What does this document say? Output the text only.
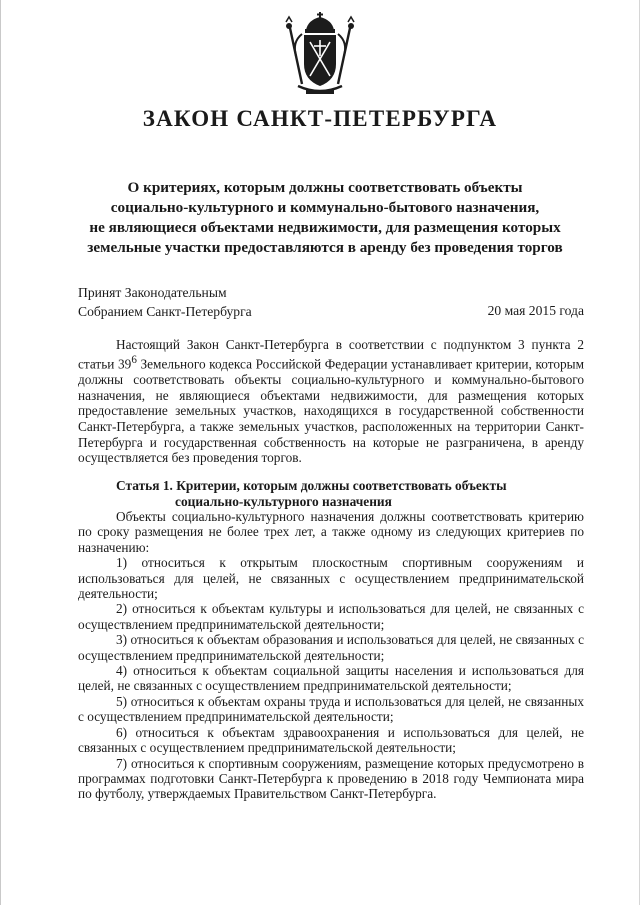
ЗАКОН САНКТ-ПЕТЕРБУРГА
О критериях, которым должны соответствовать объекты
социально-культурного и коммунально-бытового назначения,
не являющиеся объектами недвижимости, для размещения которых
земельные участки предоставляются в аренду без проведения торгов
Принят Законодательным
Собранием Санкт-Петербурга	20 мая 2015 года

Настоящий Закон Санкт-Петербурга в соответствии с подпунктом 3 пункта 2 статьи $39^6$ Земельного кодекса Российской Федерации устанавливает критерии, которым должны соответствовать объекты социально-культурного и коммунально-бытового назначения, не являющиеся объектами недвижимости, для размещения которых предоставление земельных участков, находящихся в государственной собственности Санкт-Петербурга, а также земельных участков, расположенных на территории Санкт-Петербурга и государственная собственность на которые не разграничена, в аренду осуществляется без проведения торгов.

Статья 1. Критерии, которым должны соответствовать объекты
социально-культурного назначения

Объекты социально-культурного назначения должны соответствовать критерию по сроку размещения не более трех лет, а также одному из следующих критериев по назначению:

1) относиться к открытым плоскостным спортивным сооружениям и использоваться для целей, не связанных с осуществлением предпринимательской деятельности;

2) относиться к объектам культуры и использоваться для целей, не связанных с осуществлением предпринимательской деятельности;

3) относиться к объектам образования и использоваться для целей, не связанных с осуществлением предпринимательской деятельности;

4) относиться к объектам социальной защиты населения и использоваться для целей, не связанных с осуществлением предпринимательской деятельности;

5) относиться к объектам охраны труда и использоваться для целей, не связанных с осуществлением предпринимательской деятельности;

6) относиться к объектам здравоохранения и использоваться для целей, не связанных с осуществлением предпринимательской деятельности;

7) относиться к спортивным сооружениям, размещение которых предусмотрено в программах подготовки Санкт-Петербурга к проведению в 2018 году Чемпионата мира по футболу, утверждаемых Правительством Санкт-Петербурга.
